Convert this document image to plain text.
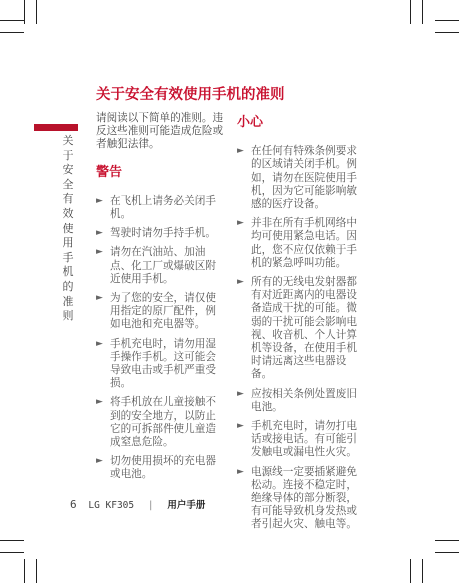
关于安全有效使用手机的准则
关于安全有效使用手机的准则

请阅读以下简单的准则。违反这些准则可能造成危险或者触犯法律。

警告
► 在飞机上请务必关闭手机。
► 驾驶时请勿手持手机。
► 请勿在汽油站、加油点、化工厂或爆破区附近使用手机。
► 为了您的安全，请仅使用指定的原厂配件，例如电池和充电器等。
► 手机充电时，请勿用湿手操作手机。这可能会导致电击或手机严重受损。
► 将手机放在儿童接触不到的安全地方，以防止它的可拆部件使儿童造成窒息危险。
► 切勿使用损坏的充电器或电池。
小心
► 在任何有特殊条例要求的区域请关闭手机。例如，请勿在医院使用手机，因为它可能影响敏感的医疗设备。
► 并非在所有手机网络中均可使用紧急电话。因此，您不应仅依赖于手机的紧急呼叫功能。
► 所有的无线电发射器都有对近距离内的电器设备造成干扰的可能。微弱的干扰可能会影响电视、收音机、个人计算机等设备，在使用手机时请远离这些电器设备。
► 应按相关条例处置废旧电池。
► 手机充电时，请勿打电话或接电话。有可能引发触电或漏电性火灾。
► 电源线一定要插紧避免松动。连接不稳定时，绝缘导体的部分断裂，有可能导致机身发热或者引起火灾、触电等。
6 LG KF305 | 用户手册
